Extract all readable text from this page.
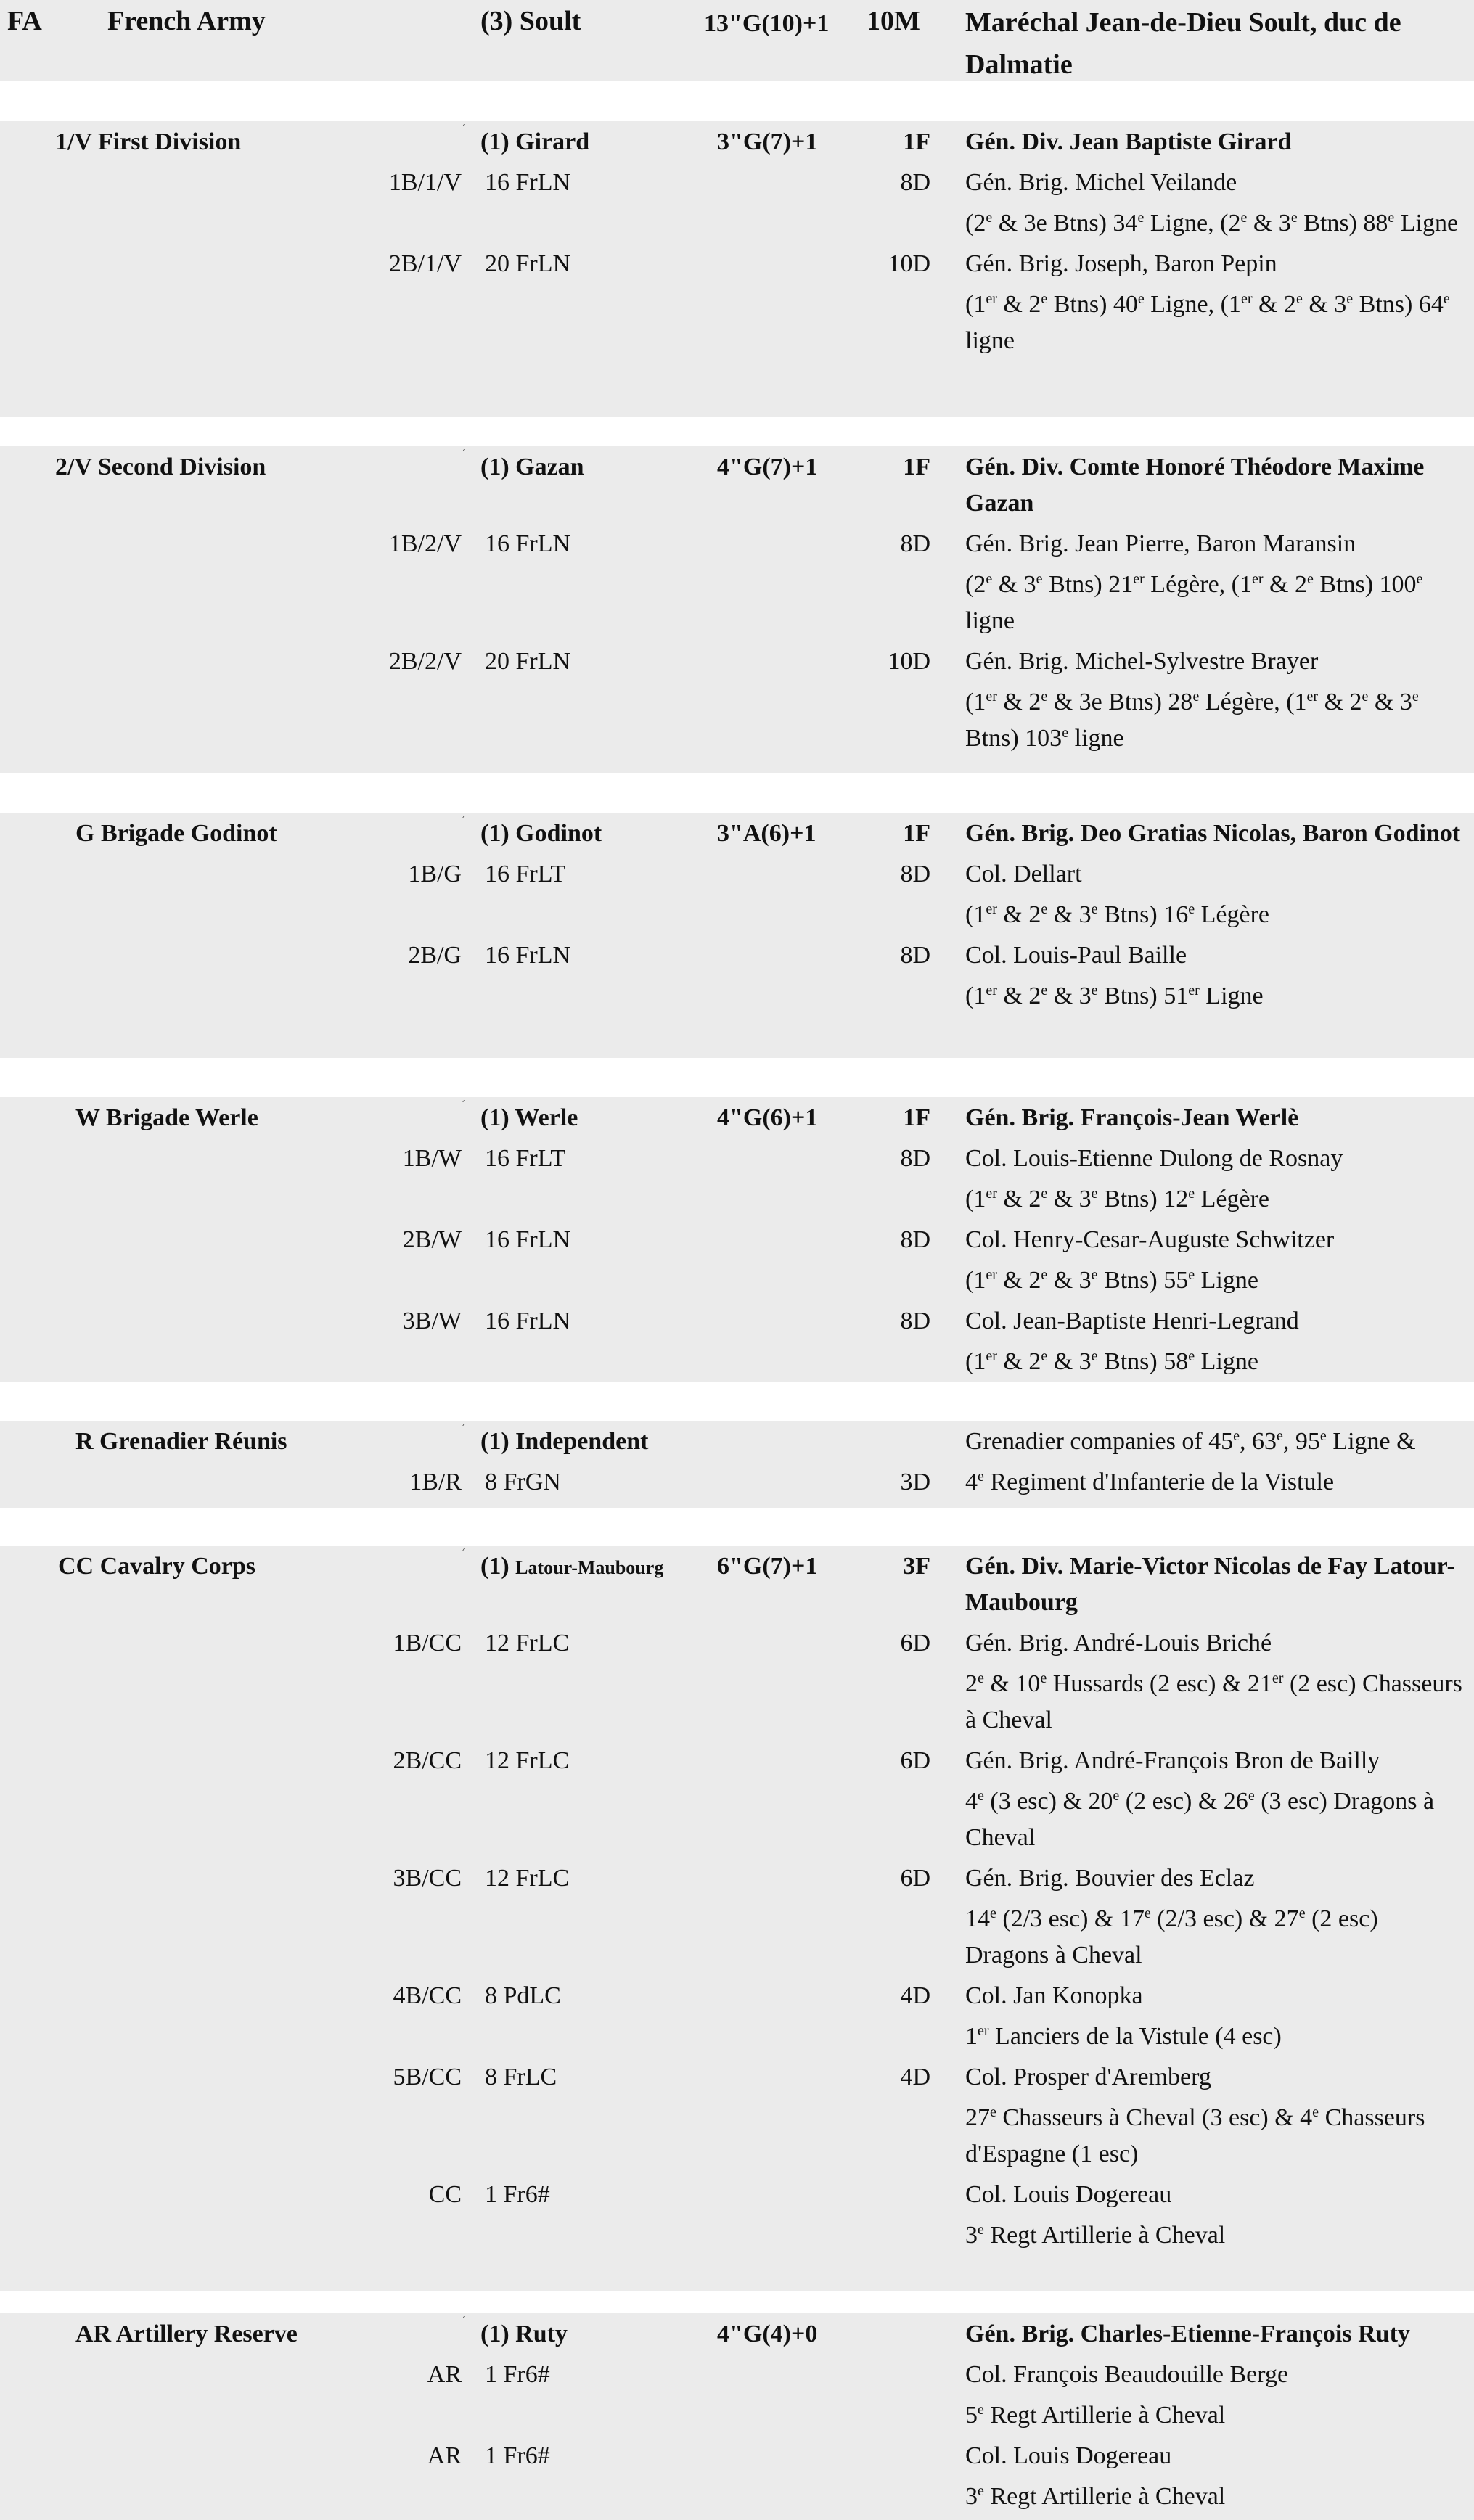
FA French Army	(3) Soult	13"G(10)+1 10M Maréchal Jean-de-Dieu Soult, duc de Dalmatie
ˊ
1/V First Division	(1) Girard	3"G(7)+1	1F Gén. Div. Jean Baptiste Girard
1B/1/V 16 FrLN	8D Gén. Brig. Michel Veilande
(2e & 3e Btns) 34e Ligne, (2e & 3e Btns) 88e Ligne
2B/1/V 20 FrLN	10D Gén. Brig. Joseph, Baron Pepin
(1er & 2e Btns) 40e Ligne, (1er & 2e & 3e Btns) 64e ligne
ˊ
2/V Second Division	(1) Gazan	4"G(7)+1	1F Gén. Div. Comte Honoré Théodore Maxime Gazan
1B/2/V 16 FrLN	8D Gén. Brig. Jean Pierre, Baron Maransin
(2e & 3e Btns) 21er Légère, (1er & 2e Btns) 100e ligne
2B/2/V 20 FrLN	10D Gén. Brig. Michel-Sylvestre Brayer
(1er & 2e & 3e Btns) 28e Légère, (1er & 2e & 3e Btns) 103e ligne
ˊ
G Brigade Godinot	(1) Godinot	3"A(6)+1	1F Gén. Brig. Deo Gratias Nicolas, Baron Godinot
1B/G 16 FrLT	8D Col. Dellart
(1er & 2e & 3e Btns) 16e Légère
2B/G 16 FrLN	8D Col. Louis-Paul Baille
(1er & 2e & 3e Btns) 51er Ligne
ˊ
W Brigade Werle	(1) Werle	4"G(6)+1	1F Gén. Brig. François-Jean Werlè
1B/W 16 FrLT	8D Col. Louis-Etienne Dulong de Rosnay
(1er & 2e & 3e Btns) 12e Légère
2B/W 16 FrLN	8D Col. Henry-Cesar-Auguste Schwitzer
(1er & 2e & 3e Btns) 55e Ligne
3B/W 16 FrLN	8D Col. Jean-Baptiste Henri-Legrand
(1er & 2e & 3e Btns) 58e Ligne
ˊ
R Grenadier Réunis	(1) Independent	Grenadier companies of 45e, 63e, 95e Ligne &
1B/R 8 FrGN	3D 4e Regiment d'Infanterie de la Vistule
ˊ
CC Cavalry Corps	(1) Latour-Maubourg 6"G(7)+1	3F Gén. Div. Marie-Victor Nicolas de Fay Latour-Maubourg
1B/CC 12 FrLC	6D Gén. Brig. André-Louis Briché
2e & 10e Hussards (2 esc) & 21er (2 esc) Chasseurs à Cheval
2B/CC 12 FrLC	6D Gén. Brig. André-François Bron de Bailly
4e (3 esc) & 20e (2 esc) & 26e (3 esc) Dragons à Cheval
3B/CC 12 FrLC	6D Gén. Brig. Bouvier des Eclaz
14e (2/3 esc) & 17e (2/3 esc) & 27e (2 esc) Dragons à Cheval
4B/CC 8 PdLC	4D Col. Jan Konopka
1er Lanciers de la Vistule (4 esc)
5B/CC 8 FrLC	4D Col. Prosper d'Aremberg
27e Chasseurs à Cheval (3 esc) & 4e Chasseurs d'Espagne (1 esc)
CC 1 Fr6#	Col. Louis Dogereau
3e Regt Artillerie à Cheval
ˊ
AR Artillery Reserve	(1) Ruty	4"G(4)+0	Gén. Brig. Charles-Etienne-François Ruty
AR 1 Fr6#	Col. François Beaudouille Berge
5e Regt Artillerie à Cheval
AR 1 Fr6#	Col. Louis Dogereau
3e Regt Artillerie à Cheval
